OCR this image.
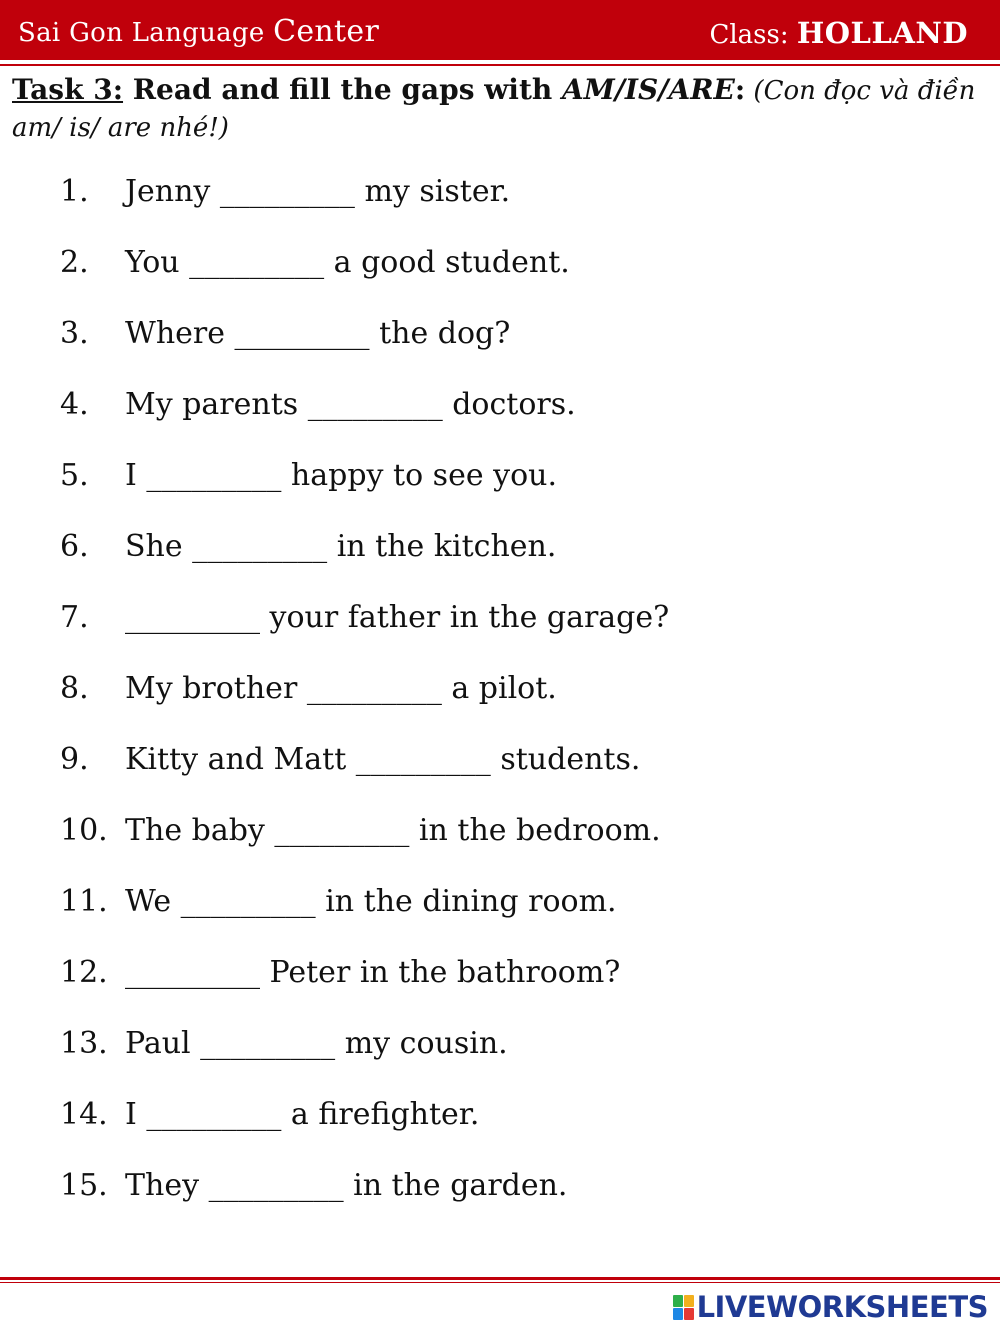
Sai Gon Language Center	Class: HOLLAND
Task 3: Read and fill the gaps with AM/IS/ARE: (Con đọc và điền am/ is/ are nhé!)
1.	Jenny _________ my sister.
2.	You _________ a good student.
3.	Where _________ the dog?
4.	My parents _________ doctors.
5.	I _________ happy to see you.
6.	She _________ in the kitchen.
7.	_________ your father in the garage?
8.	My brother _________ a pilot.
9.	Kitty and Matt _________ students.
10. The baby _________ in the bedroom.
11. We _________ in the dining room.
12. _________ Peter in the bathroom?
13. Paul _________ my cousin.
14. I _________ a firefighter.
15. They _________ in the garden.
LIVEWORKSHEETS
